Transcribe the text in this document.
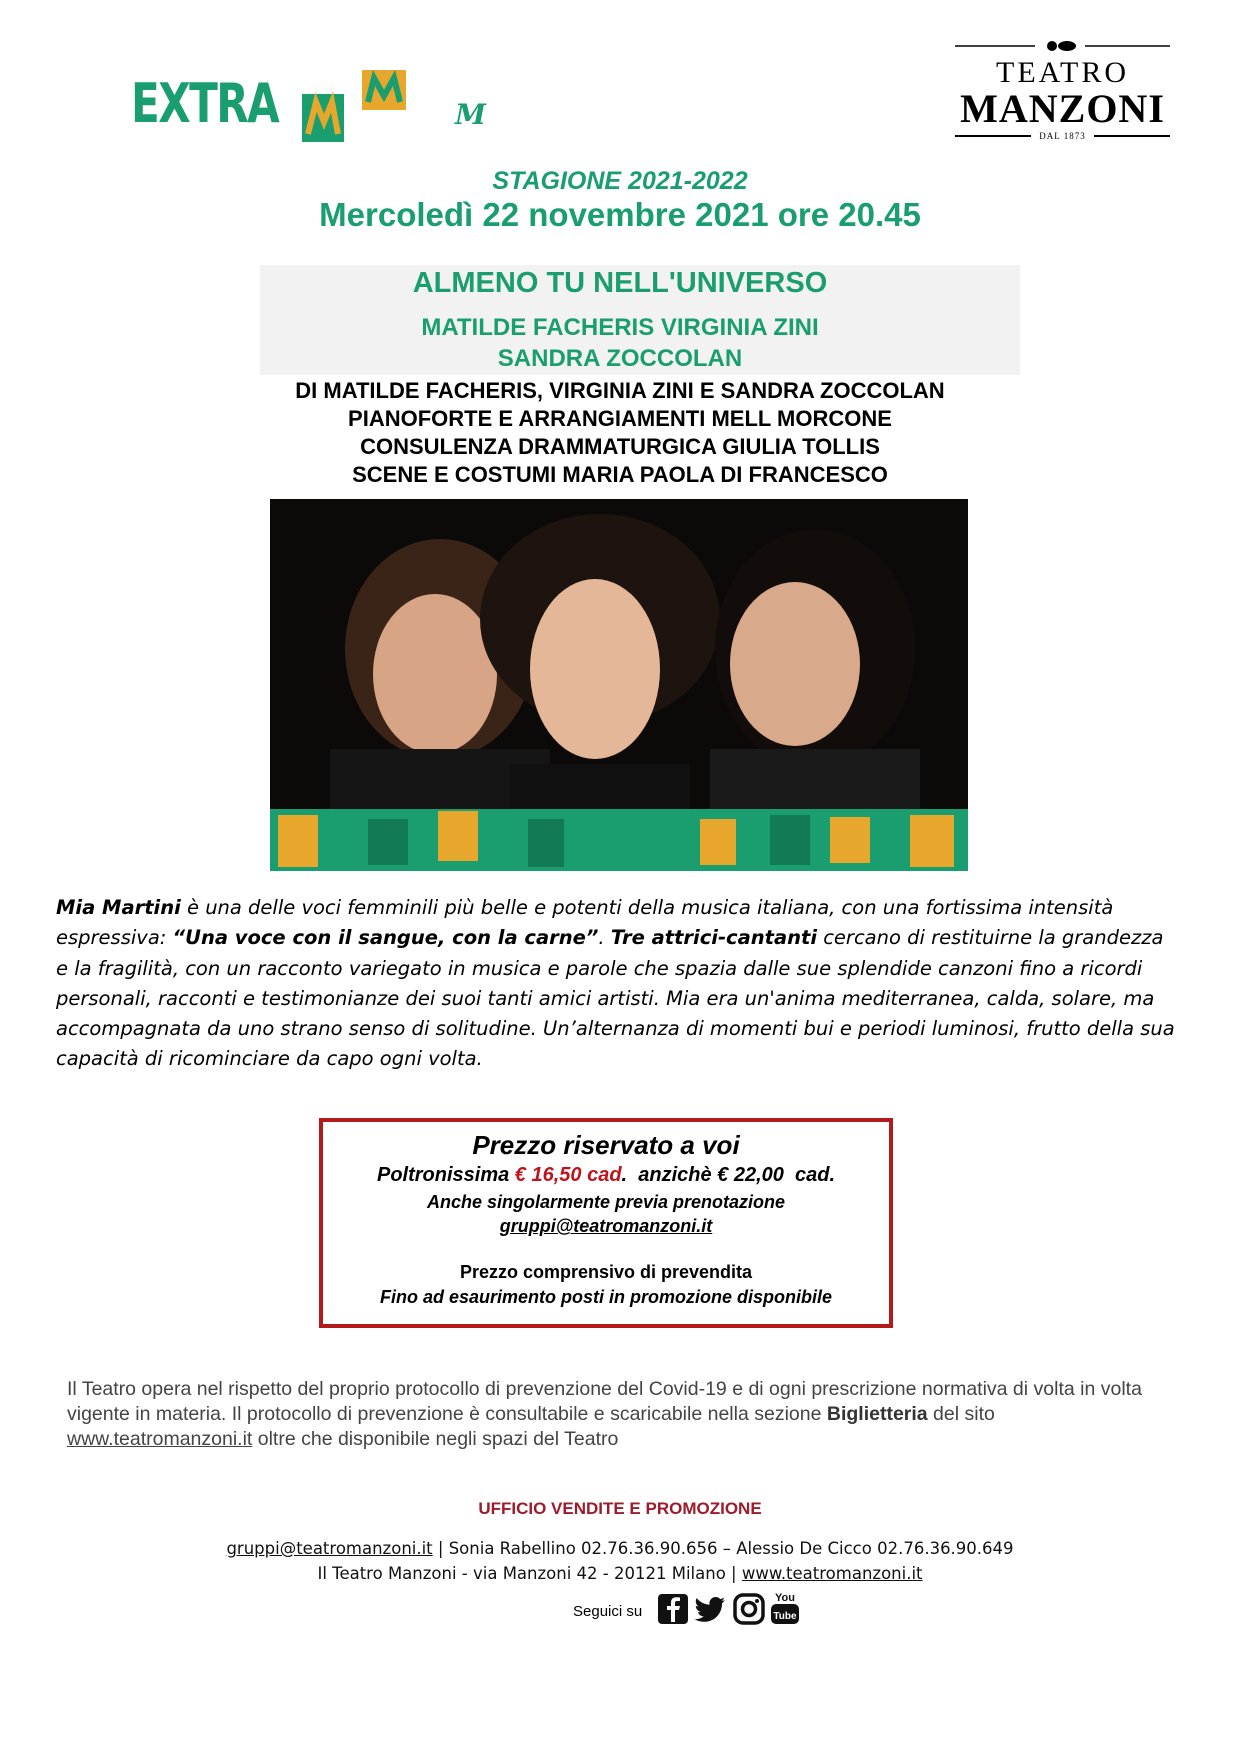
EXTRA	M
TEATRO
MANZONI
DAL 1873
STAGIONE 2021-2022
Mercoledì 22 novembre 2021 ore 20.45
ALMENO TU NELL'UNIVERSO
MATILDE FACHERIS VIRGINIA ZINI
SANDRA ZOCCOLAN
DI MATILDE FACHERIS, VIRGINIA ZINI E SANDRA ZOCCOLAN
PIANOFORTE E ARRANGIAMENTI MELL MORCONE
CONSULENZA DRAMMATURGICA GIULIA TOLLIS
SCENE E COSTUMI MARIA PAOLA DI FRANCESCO
Mia Martini è una delle voci femminili più belle e potenti della musica italiana, con una fortissima intensità espressiva: “Una voce con il sangue, con la carne”. Tre attrici-cantanti cercano di restituirne la grandezza e la fragilità, con un racconto variegato in musica e parole che spazia dalle sue splendide canzoni fino a ricordi personali, racconti e testimonianze dei suoi tanti amici artisti. Mia era un'anima mediterranea, calda, solare, ma accompagnata da uno strano senso di solitudine. Un’alternanza di momenti bui e periodi luminosi, frutto della sua capacità di ricominciare da capo ogni volta.
Prezzo riservato a voi
Poltronissima € 16,50 cad.  anzichè € 22,00  cad.
Anche singolarmente previa prenotazione
gruppi@teatromanzoni.it
Prezzo comprensivo di prevendita
Fino ad esaurimento posti in promozione disponibile
Il Teatro opera nel rispetto del proprio protocollo di prevenzione del Covid-19 e di ogni prescrizione normativa di volta in volta vigente in materia. Il protocollo di prevenzione è consultabile e scaricabile nella sezione Biglietteria del sito www.teatromanzoni.it oltre che disponibile negli spazi del Teatro
UFFICIO VENDITE E PROMOZIONE
gruppi@teatromanzoni.it | Sonia Rabellino 02.76.36.90.656 – Alessio De Cicco 02.76.36.90.649
Il Teatro Manzoni - via Manzoni 42 - 20121 Milano | www.teatromanzoni.it
Seguici su
You
Tube
